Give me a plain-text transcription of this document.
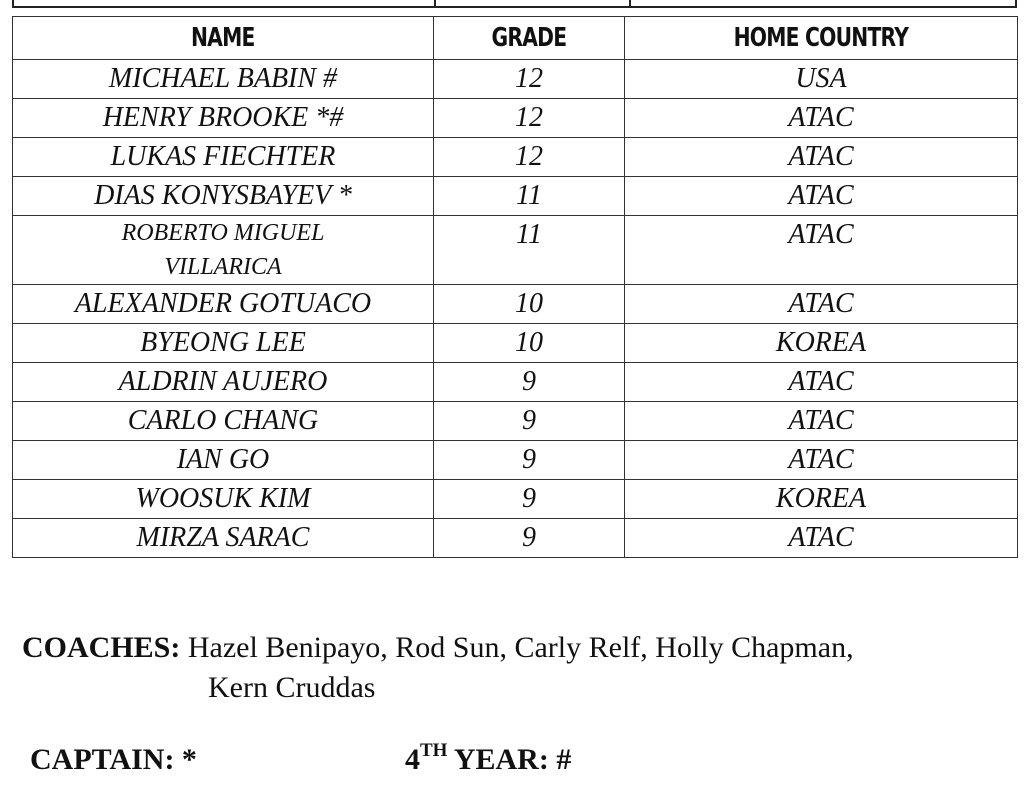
NAME	GRADE	HOME COUNTRY
MICHAEL BABIN #	12	USA
HENRY BROOKE *#	12	ATAC
LUKAS FIECHTER	12	ATAC
DIAS KONYSBAYEV *	11	ATAC

ROBERTO MIGUEL
VILLARICA	11	ATAC
ALEXANDER GOTUACO	10	ATAC
BYEONG LEE	10	KOREA
ALDRIN AUJERO	9	ATAC
CARLO CHANG	9	ATAC
IAN GO	9	ATAC
WOOSUK KIM	9	KOREA
MIRZA SARAC	9	ATAC
COACHES: Hazel Benipayo, Rod Sun, Carly Relf, Holly Chapman,
Kern Cruddas
CAPTAIN: *	4TH YEAR: #
